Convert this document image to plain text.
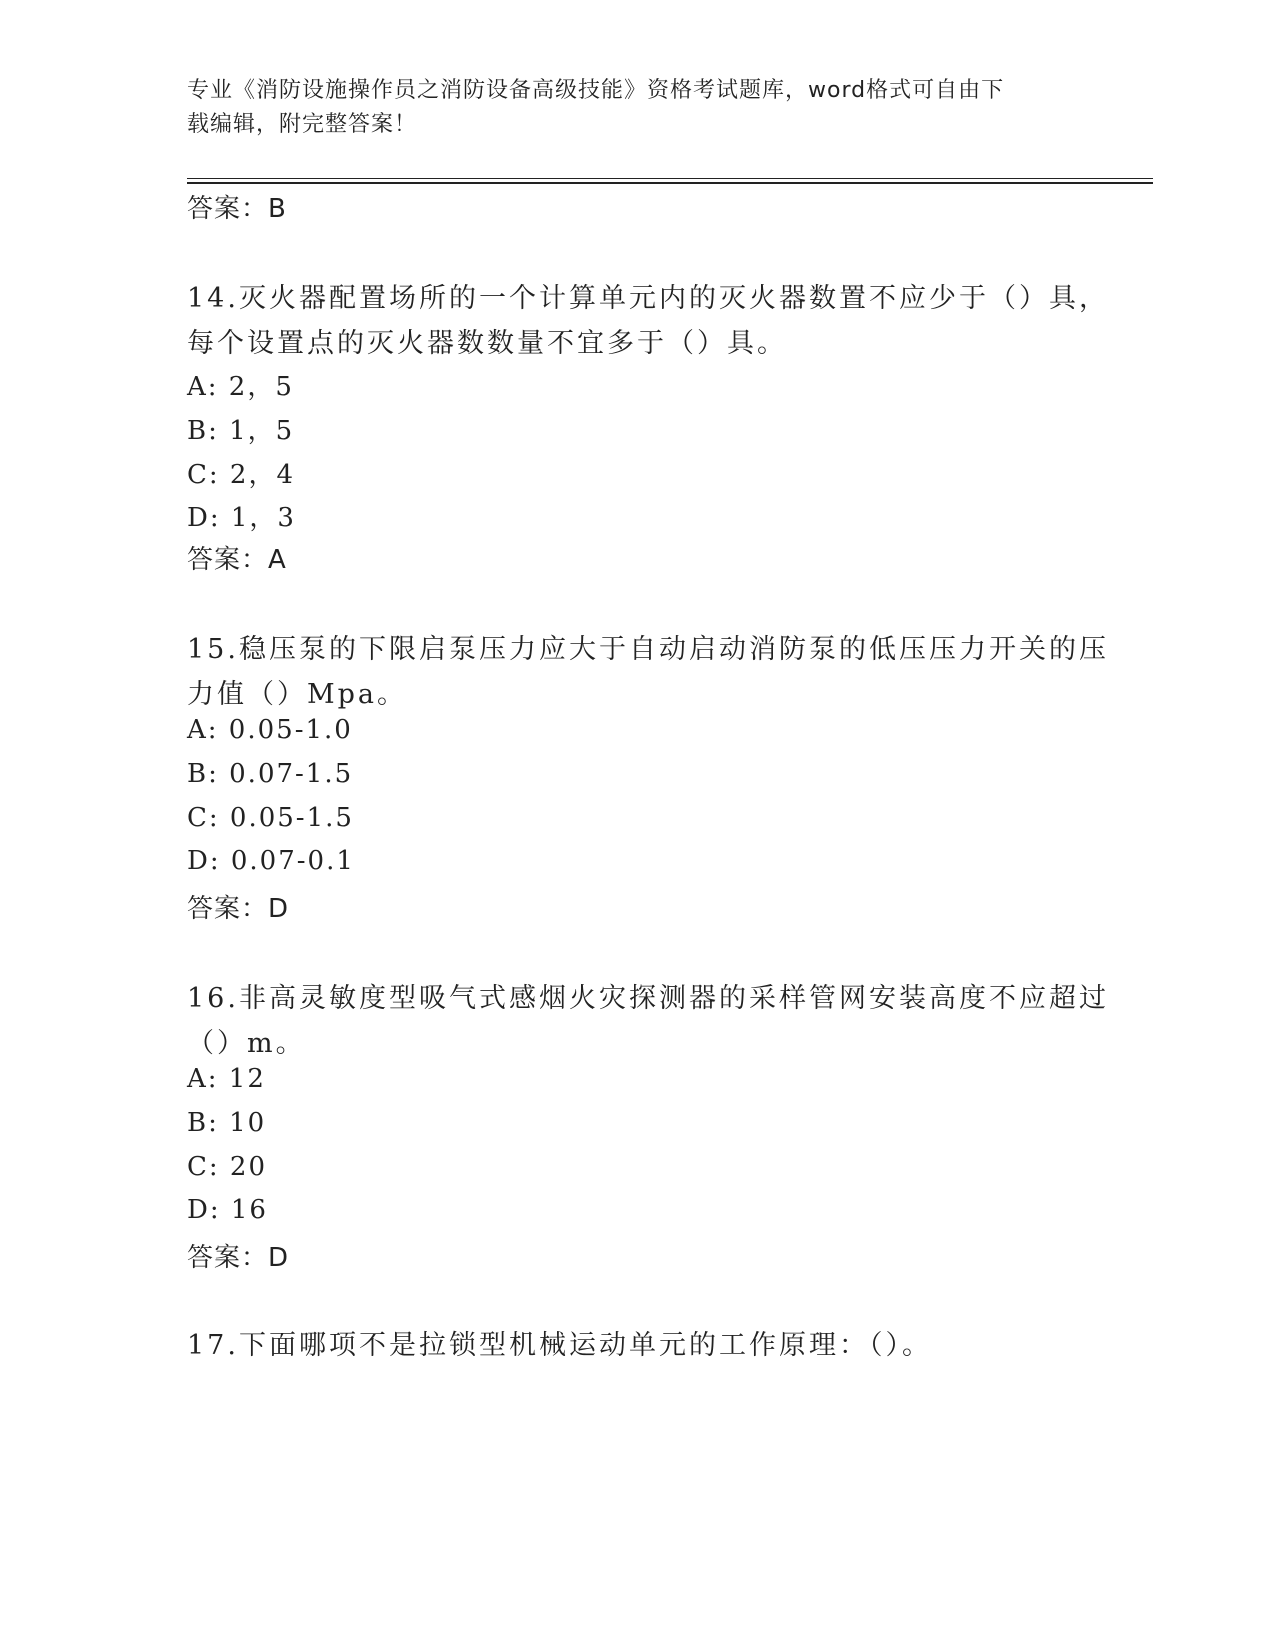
专业《消防设施操作员之消防设备高级技能》资格考试题库，word格式可自由下
载编辑，附完整答案！
答案：B
14.灭火器配置场所的一个计算单元内的灭火器数置不应少于（）具，
每个设置点的灭火器数数量不宜多于（）具。
A: 2，5
B: 1，5
C: 2，4
D: 1，3
答案：A
15.稳压泵的下限启泵压力应大于自动启动消防泵的低压压力开关的压
力值（）Mpa。
A: 0.05-1.0
B: 0.07-1.5
C: 0.05-1.5
D: 0.07-0.1
答案：D
16.非高灵敏度型吸气式感烟火灾探测器的采样管网安装高度不应超过
（）m。
A: 12
B: 10
C: 20
D: 16
答案：D
17.下面哪项不是拉锁型机械运动单元的工作原理：（）。
